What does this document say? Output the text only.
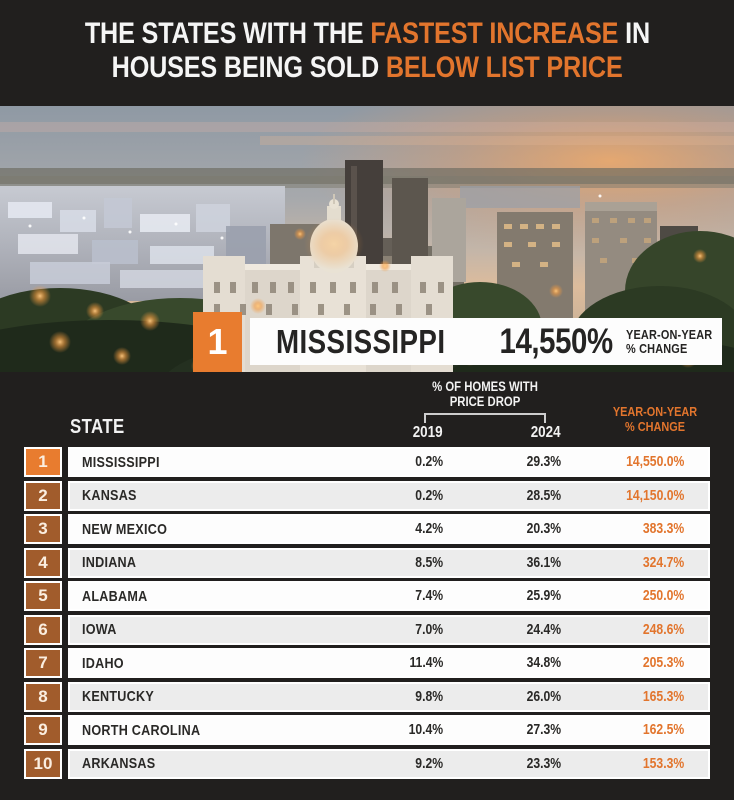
THE STATES WITH THE FASTEST INCREASE IN
HOUSES BEING SOLD BELOW LIST PRICE
1 MISSISSIPPI 14,550% YEAR-ON-YEAR
% CHANGE
STATE
% OF HOMES WITH
PRICE DROP
2019	2024
YEAR-ON-YEAR
% CHANGE
1 MISSISSIPPI	0.2%	29.3%	14,550.0%
2 KANSAS	0.2%	28.5%	14,150.0%
3 NEW MEXICO	4.2%	20.3%	383.3%
4 INDIANA	8.5%	36.1%	324.7%
5 ALABAMA	7.4%	25.9%	250.0%
6 IOWA	7.0%	24.4%	248.6%
7 IDAHO	11.4%	34.8%	205.3%
8 KENTUCKY	9.8%	26.0%	165.3%
9 NORTH CAROLINA	10.4%	27.3%	162.5%
10 ARKANSAS	9.2%	23.3%	153.3%
